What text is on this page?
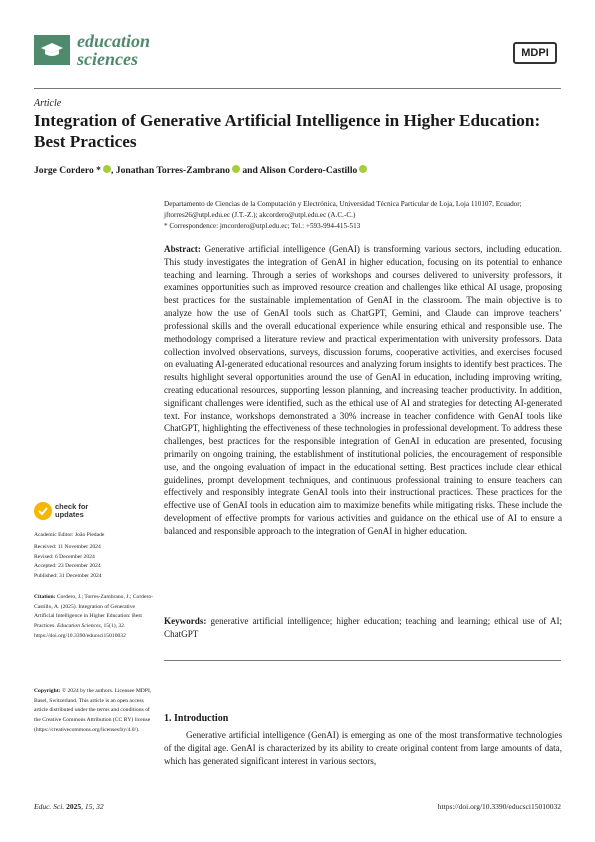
education
sciences	MDPI
Article
Integration of Generative Artificial Intelligence in Higher Education: Best Practices
Jorge Cordero * , Jonathan Torres-Zambrano and Alison Cordero-Castillo
Departamento de Ciencias de la Computación y Electrónica, Universidad Técnica Particular de Loja, Loja 110107, Ecuador; jftorres26@utpl.edu.ec (J.T.-Z.); akcordero@utpl.edu.ec (A.C.-C.)
* Correspondence: jmcordero@utpl.edu.ec; Tel.: +593-994-415-513

Abstract: Generative artificial intelligence (GenAI) is transforming various sectors, including education. This study investigates the integration of GenAI in higher education, focusing on its potential to enhance teaching and learning. Through a series of workshops and courses delivered to university professors, it examines opportunities such as improved resource creation and challenges like ethical AI usage, proposing best practices for the sustainable implementation of GenAI in the classroom. The main objective is to analyze how the use of GenAI tools such as ChatGPT, Gemini, and Claude can improve teachers’ professional skills and the overall educational experience while ensuring ethical and responsible use. The methodology comprised a literature review and practical experimentation with university professors. Data collection involved observations, surveys, discussion forums, cooperative activities, and exercises focused on evaluating AI-generated educational resources and analyzing forum insights to identify best practices. The results highlight several opportunities around the use of GenAI in education, including improving writing, creating educational resources, supporting lesson planning, and increasing teacher productivity. In addition, significant challenges were identified, such as the ethical use of AI and strategies for detecting AI-generated text. For instance, workshops demonstrated a 30% increase in teacher confidence with GenAI tools like ChatGPT, highlighting the effectiveness of these technologies in professional development. To address these challenges, best practices for the responsible integration of GenAI in education are presented, focusing primarily on ongoing training, the establishment of institutional policies, the encouragement of responsible use, and the ongoing evaluation of impact in the educational setting. Best practices include clear ethical guidelines, prompt development techniques, and continuous professional training to ensure teachers can effectively and responsibly integrate GenAI tools into their instructional practices. These practices for the effective use of GenAI tools in education aim to maximize benefits while mitigating risks. These include the development of effective prompts for various activities and guidance on the ethical use of AI to ensure a balanced and responsible approach to the integration of GenAI in higher education.

Keywords: generative artificial intelligence; higher education; teaching and learning; ethical use of AI; ChatGPT

1. Introduction

Generative artificial intelligence (GenAI) is emerging as one of the most transformative technologies of the digital age. GenAI is characterized by its ability to create original content from large amounts of data, which has generated significant interest in various sectors,

check for
updates
Academic Editor: João Piedade
Received: 11 November 2024
Revised: 6 December 2024
Accepted: 23 December 2024
Published: 31 December 2024
Citation: Cordero, J.; Torres-Zambrano, J.; Cordero-Castillo, A. (2025). Integration of Generative Artificial Intelligence in Higher Education: Best Practices. Education Sciences, 15(1), 32. https://doi.org/10.3390/educsci15010032
Copyright: © 2024 by the authors. Licensee MDPI, Basel, Switzerland. This article is an open access article distributed under the terms and conditions of the Creative Commons Attribution (CC BY) license (https://creativecommons.org/licenses/by/4.0/).
Educ. Sci. 2025, 15, 32	https://doi.org/10.3390/educsci15010032
